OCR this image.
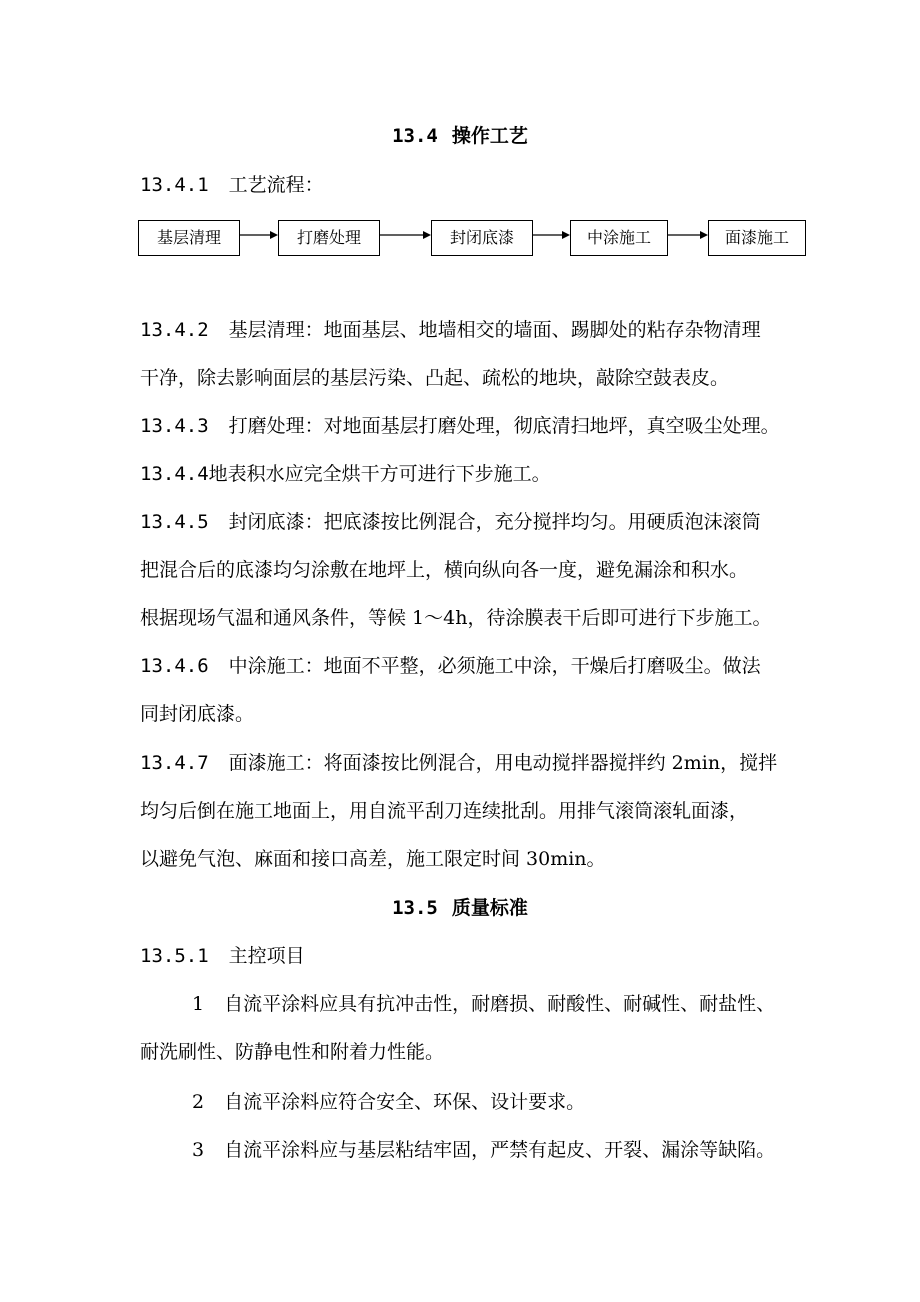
13.4 操作工艺
13.4.1 工艺流程：
基层清理	打磨处理	封闭底漆	中涂施工	面漆施工
13.4.2 基层清理：地面基层、地墙相交的墙面、踢脚处的粘存杂物清理
干净，除去影响面层的基层污染、凸起、疏松的地块，敲除空鼓表皮。
13.4.3 打磨处理：对地面基层打磨处理，彻底清扫地坪，真空吸尘处理。
13.4.4地表积水应完全烘干方可进行下步施工。
13.4.5 封闭底漆：把底漆按比例混合，充分搅拌均匀。用硬质泡沫滚筒
把混合后的底漆均匀涂敷在地坪上，横向纵向各一度，避免漏涂和积水。
根据现场气温和通风条件，等候 1～4h，待涂膜表干后即可进行下步施工。
13.4.6 中涂施工：地面不平整，必须施工中涂，干燥后打磨吸尘。做法
同封闭底漆。
13.4.7 面漆施工：将面漆按比例混合，用电动搅拌器搅拌约 2min，搅拌
均匀后倒在施工地面上，用自流平刮刀连续批刮。用排气滚筒滚轧面漆，
以避免气泡、麻面和接口高差，施工限定时间 30min。
13.5 质量标准
13.5.1 主控项目
1 自流平涂料应具有抗冲击性，耐磨损、耐酸性、耐碱性、耐盐性、
耐洗刷性、防静电性和附着力性能。
2 自流平涂料应符合安全、环保、设计要求。
3 自流平涂料应与基层粘结牢固，严禁有起皮、开裂、漏涂等缺陷。
